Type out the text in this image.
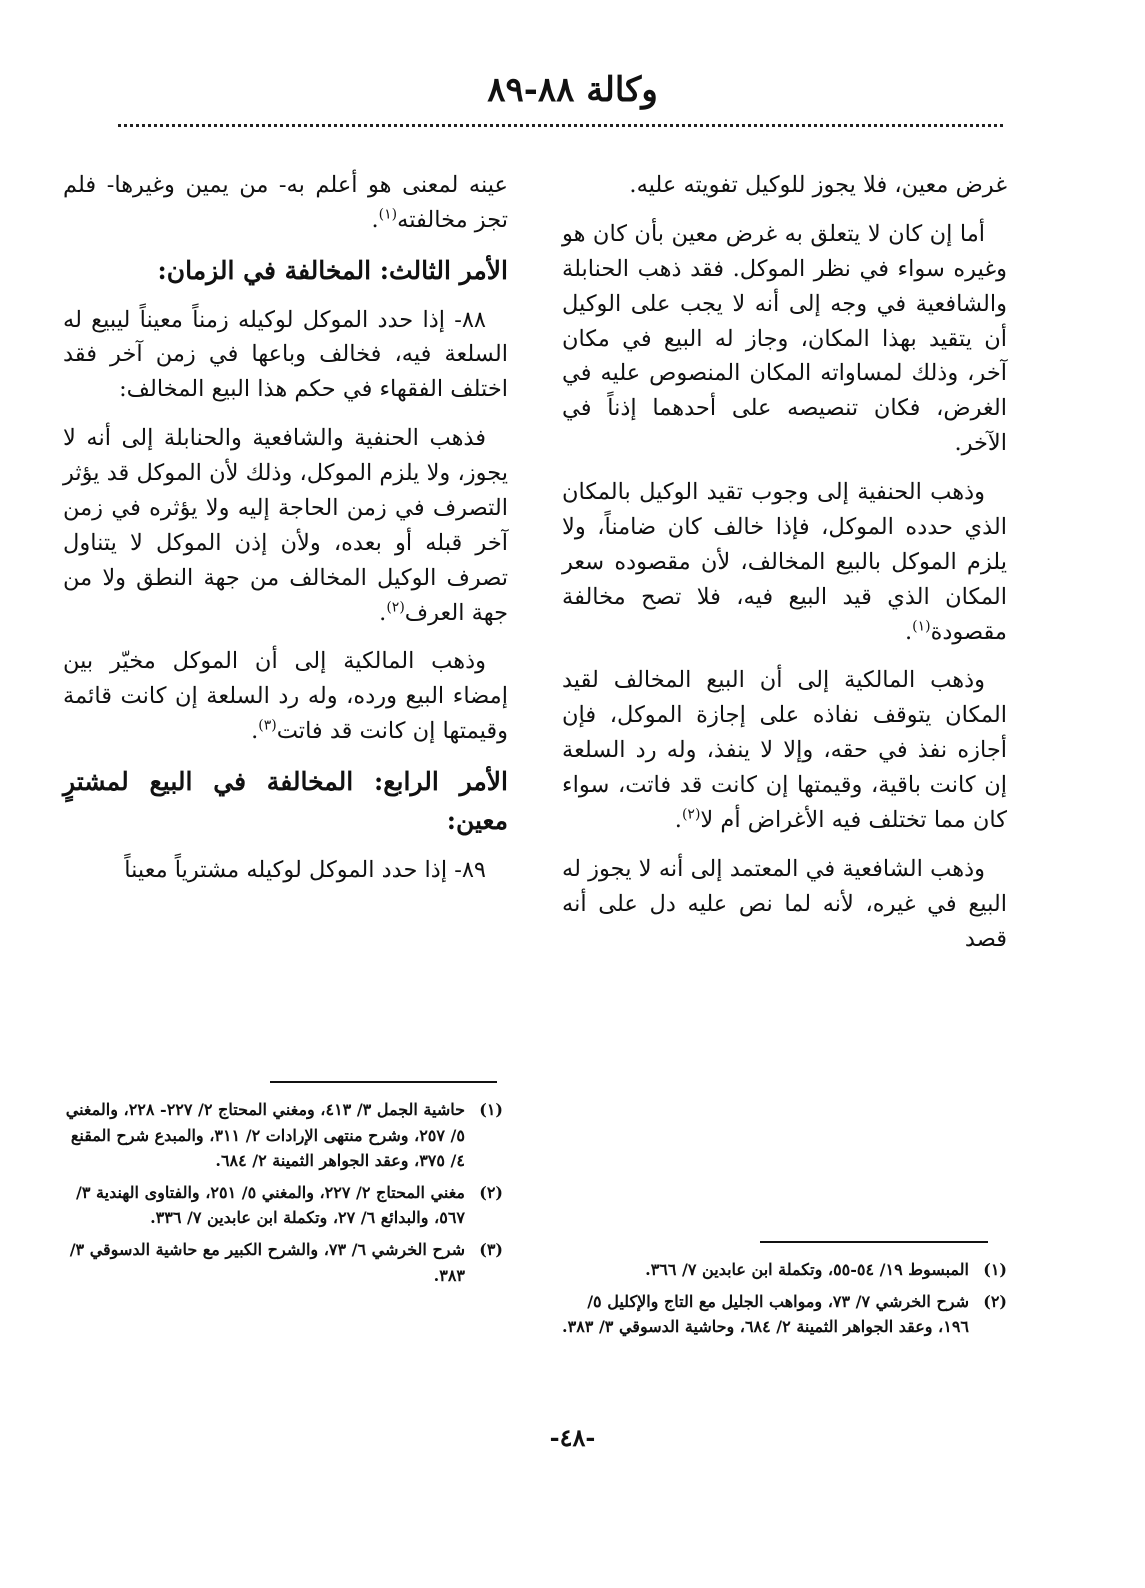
وكالة ٨٨-٨٩

غرض معين، فلا يجوز للوكيل تفويته عليه.

أما إن كان لا يتعلق به غرض معين بأن كان هو وغيره سواء في نظر الموكل. فقد ذهب الحنابلة والشافعية في وجه إلى أنه لا يجب على الوكيل أن يتقيد بهذا المكان، وجاز له البيع في مكان آخر، وذلك لمساواته المكان المنصوص عليه في الغرض، فكان تنصيصه على أحدهما إذناً في الآخر.

وذهب الحنفية إلى وجوب تقيد الوكيل بالمكان الذي حدده الموكل، فإذا خالف كان ضامناً، ولا يلزم الموكل بالبيع المخالف، لأن مقصوده سعر المكان الذي قيد البيع فيه، فلا تصح مخالفة مقصودة$^{(١)}$.

وذهب المالكية إلى أن البيع المخالف لقيد المكان يتوقف نفاذه على إجازة الموكل، فإن أجازه نفذ في حقه، وإلا لا ينفذ، وله رد السلعة إن كانت باقية، وقيمتها إن كانت قد فاتت، سواء كان مما تختلف فيه الأغراض أم لا$^{(٢)}$.

وذهب الشافعية في المعتمد إلى أنه لا يجوز له البيع في غيره، لأنه لما نص عليه دل على أنه قصد

عينه لمعنى هو أعلم به- من يمين وغيرها- فلم تجز مخالفته$^{(١)}$.

الأمر الثالث: المخالفة في الزمان:

٨٨- إذا حدد الموكل لوكيله زمناً معيناً ليبيع له السلعة فيه، فخالف وباعها في زمن آخر فقد اختلف الفقهاء في حكم هذا البيع المخالف:

فذهب الحنفية والشافعية والحنابلة إلى أنه لا يجوز، ولا يلزم الموكل، وذلك لأن الموكل قد يؤثر التصرف في زمن الحاجة إليه ولا يؤثره في زمن آخر قبله أو بعده، ولأن إذن الموكل لا يتناول تصرف الوكيل المخالف من جهة النطق ولا من جهة العرف$^{(٢)}$.

وذهب المالكية إلى أن الموكل مخيّر بين إمضاء البيع ورده، وله رد السلعة إن كانت قائمة وقيمتها إن كانت قد فاتت$^{(٣)}$.

الأمر الرابع: المخالفة في البيع لمشترٍ معين:

٨٩- إذا حدد الموكل لوكيله مشترياً معيناً

(١)
حاشية الجمل ٣/ ٤١٣، ومغني المحتاج ٢/ ٢٢٧- ٢٢٨، والمغني ٥/ ٢٥٧، وشرح منتهى الإرادات ٢/ ٣١١، والمبدع شرح المقنع ٤/ ٣٧٥، وعقد الجواهر الثمينة ٢/ ٦٨٤.
(٢)
مغني المحتاج ٢/ ٢٢٧، والمغني ٥/ ٢٥١، والفتاوى الهندية ٣/ ٥٦٧، والبدائع ٦/ ٢٧، وتكملة ابن عابدين ٧/ ٣٣٦.
(٣)
شرح الخرشي ٦/ ٧٣، والشرح الكبير مع حاشية الدسوقي ٣/ ٣٨٣.	(١)
المبسوط ١٩/ ٥٤-٥٥، وتكملة ابن عابدين ٧/ ٣٦٦.
(٢)
شرح الخرشي ٧/ ٧٣، ومواهب الجليل مع التاج والإكليل ٥/ ١٩٦، وعقد الجواهر الثمينة ٢/ ٦٨٤، وحاشية الدسوقي ٣/ ٣٨٣.
-٤٨-
